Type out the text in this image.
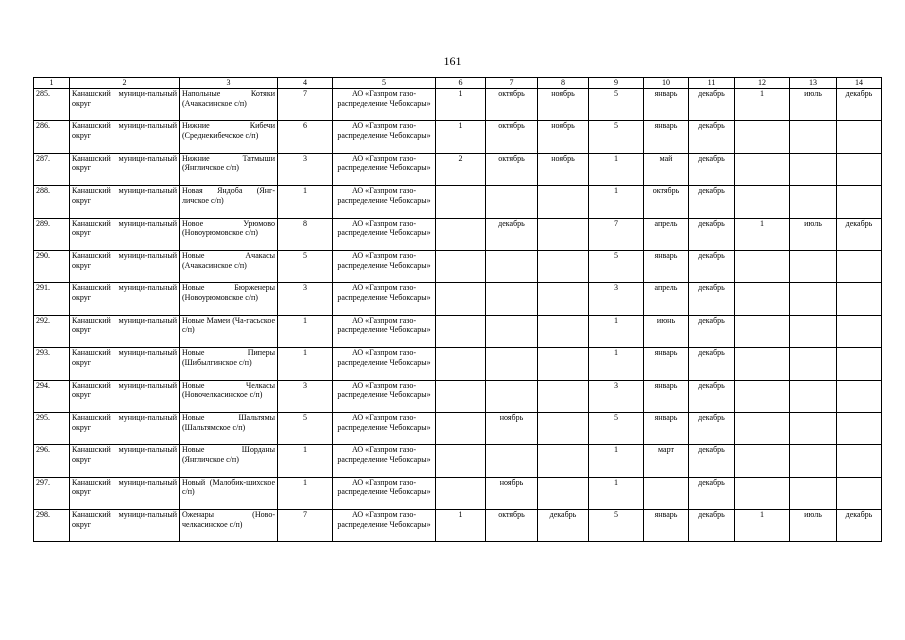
161
1	2	3	4	5	6	7	8	9	10	11	12	13	14
285.	Канашский муници-пальный округ	Напольные Котяки (Ачакасинское с/п)	7	АО «Газпром газо-распределение Чебоксары»	1	октябрь	ноябрь	5	январь	декабрь	1	июль	декабрь
286.	Канашский муници-пальный округ	Нижние Кибечи (Среднекибечское с/п)	6	АО «Газпром газо-распределение Чебоксары»	1	октябрь	ноябрь	5	январь	декабрь			
287.	Канашский муници-пальный округ	Нижние Татмыши (Янгличское с/п)	3	АО «Газпром газо-распределение Чебоксары»	2	октябрь	ноябрь	1	май	декабрь			
288.	Канашский муници-пальный округ	Новая Яндоба (Янг-личское с/п)	1	АО «Газпром газо-распределение Чебоксары»				1	октябрь	декабрь			
289.	Канашский муници-пальный округ	Новое Урюмово (Новоурюмовское с/п)	8	АО «Газпром газо-распределение Чебоксары»		декабрь		7	апрель	декабрь	1	июль	декабрь
290.	Канашский муници-пальный округ	Новые Ачакасы (Ачакасинское с/п)	5	АО «Газпром газо-распределение Чебоксары»				5	январь	декабрь			
291.	Канашский муници-пальный округ	Новые Бюрженеры (Новоурюмовское с/п)	3	АО «Газпром газо-распределение Чебоксары»				3	апрель	декабрь			
292.	Канашский муници-пальный округ	Новые Мамеи (Ча-гасьское с/п)	1	АО «Газпром газо-распределение Чебоксары»				1	июнь	декабрь			
293.	Канашский муници-пальный округ	Новые Пиперы (Шибылгинское с/п)	1	АО «Газпром газо-распределение Чебоксары»				1	январь	декабрь			
294.	Канашский муници-пальный округ	Новые Челкасы (Новочелкасинское с/п)	3	АО «Газпром газо-распределение Чебоксары»				3	январь	декабрь			
295.	Канашский муници-пальный округ	Новые Шальтямы (Шальтямское с/п)	5	АО «Газпром газо-распределение Чебоксары»		ноябрь		5	январь	декабрь			
296.	Канашский муници-пальный округ	Новые Шорданы (Янгличское с/п)	1	АО «Газпром газо-распределение Чебоксары»				1	март	декабрь			
297.	Канашский муници-пальный округ	Новый (Малобик-шихское с/п)	1	АО «Газпром газо-распределение Чебоксары»		ноябрь		1		декабрь			
298.	Канашский муници-пальный округ	Оженары (Ново-челкасинское с/п)	7	АО «Газпром газо-распределение Чебоксары»	1	октябрь	декабрь	5	январь	декабрь	1	июль	декабрь
